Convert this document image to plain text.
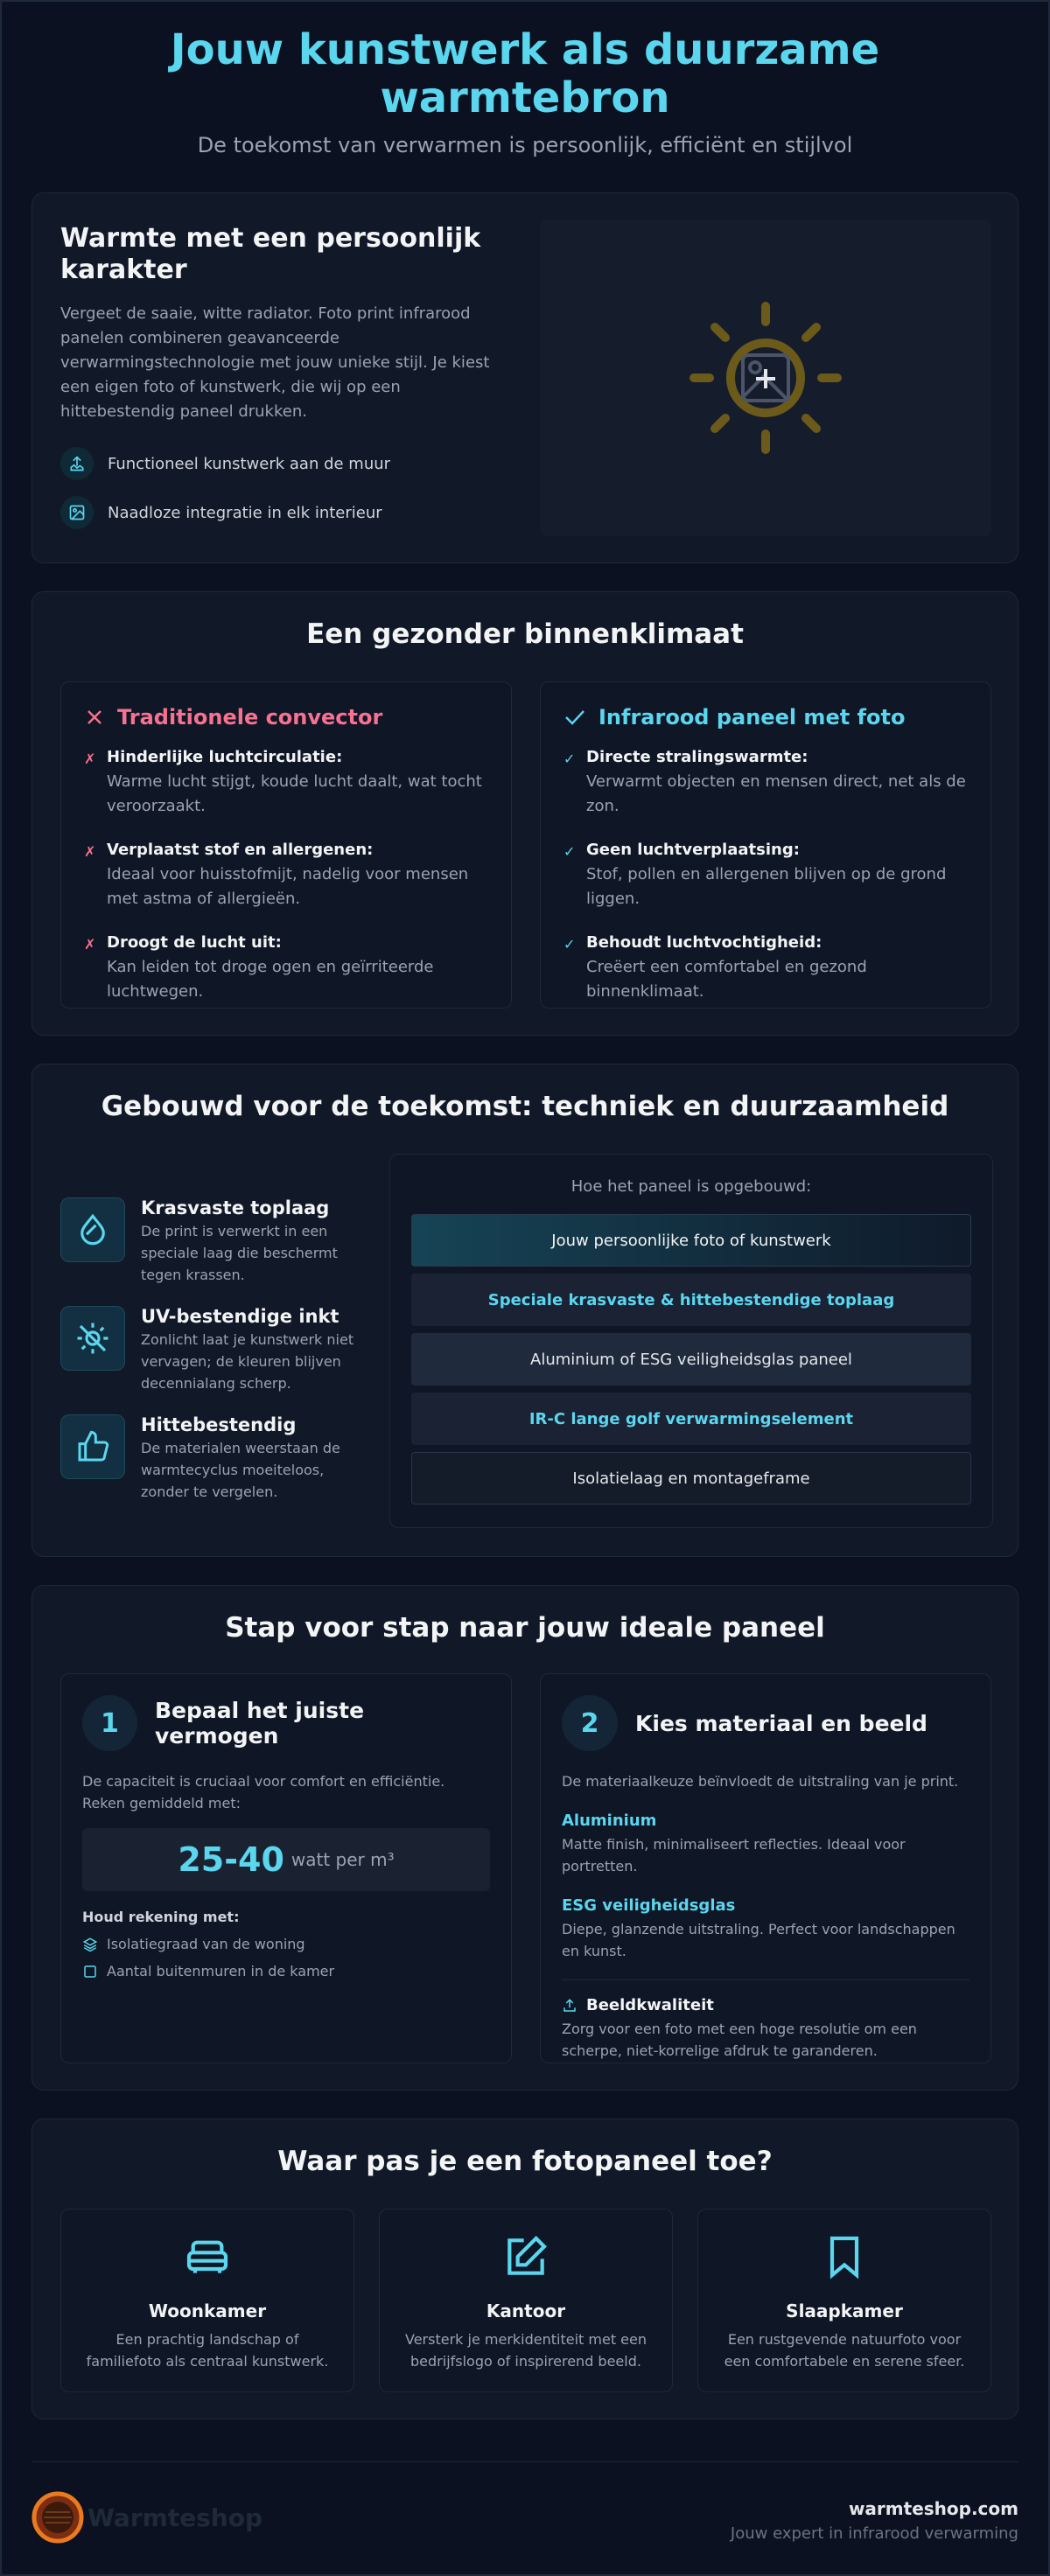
Jouw kunstwerk als duurzame warmtebron

De toekomst van verwarmen is persoonlijk, efficiënt en stijlvol

Warmte met een persoonlijk karakter

Vergeet de saaie, witte radiator. Foto print infrarood panelen combineren geavanceerde verwarmingstechnologie met jouw unieke stijl. Je kiest een eigen foto of kunstwerk, die wij op een hittebestendig paneel drukken.

Functioneel kunstwerk aan de muur
Naadloze integratie in elk interieur
Een gezonder binnenklimaat
Traditionele convector
✗ Hinderlijke luchtcirculatie:
Warme lucht stijgt, koude lucht daalt, wat tocht veroorzaakt.
✗ Verplaatst stof en allergenen:
Ideaal voor huisstofmijt, nadelig voor mensen met astma of allergieën.
✗ Droogt de lucht uit:
Kan leiden tot droge ogen en geïrriteerde luchtwegen.
Infrarood paneel met foto
✓ Directe stralingswarmte:
Verwarmt objecten en mensen direct, net als de zon.
✓ Geen luchtverplaatsing:
Stof, pollen en allergenen blijven op de grond liggen.
✓ Behoudt luchtvochtigheid:
Creëert een comfortabel en gezond binnenklimaat.
Gebouwd voor de toekomst: techniek en duurzaamheid
Krasvaste toplaag
De print is verwerkt in een speciale laag die beschermt tegen krassen.
UV-bestendige inkt
Zonlicht laat je kunstwerk niet vervagen; de kleuren blijven decennialang scherp.
Hittebestendig
De materialen weerstaan de warmtecyclus moeiteloos, zonder te vergelen.
Hoe het paneel is opgebouwd:
Jouw persoonlijke foto of kunstwerk
Speciale krasvaste & hittebestendige toplaag
Aluminium of ESG veiligheidsglas paneel
IR-C lange golf verwarmingselement
Isolatielaag en montageframe
Stap voor stap naar jouw ideale paneel
1	Bepaal het juiste vermogen

De capaciteit is cruciaal voor comfort en efficiëntie. Reken gemiddeld met:

25-40 watt per m³
Houd rekening met:
Isolatiegraad van de woning
Aantal buitenmuren in de kamer
2	Kies materiaal en beeld

De materiaalkeuze beïnvloedt de uitstraling van je print.

Aluminium
Matte finish, minimaliseert reflecties. Ideaal voor portretten.
ESG veiligheidsglas
Diepe, glanzende uitstraling. Perfect voor landschappen en kunst.
Beeldkwaliteit
Zorg voor een foto met een hoge resolutie om een scherpe, niet-korrelige afdruk te garanderen.
Waar pas je een fotopaneel toe?
Woonkamer
Een prachtig landschap of familiefoto als centraal kunstwerk.
Kantoor
Versterk je merkidentiteit met een bedrijfslogo of inspirerend beeld.
Slaapkamer
Een rustgevende natuurfoto voor een comfortabele en serene sfeer.
Warmteshop	warmteshop.com
Jouw expert in infrarood verwarming
